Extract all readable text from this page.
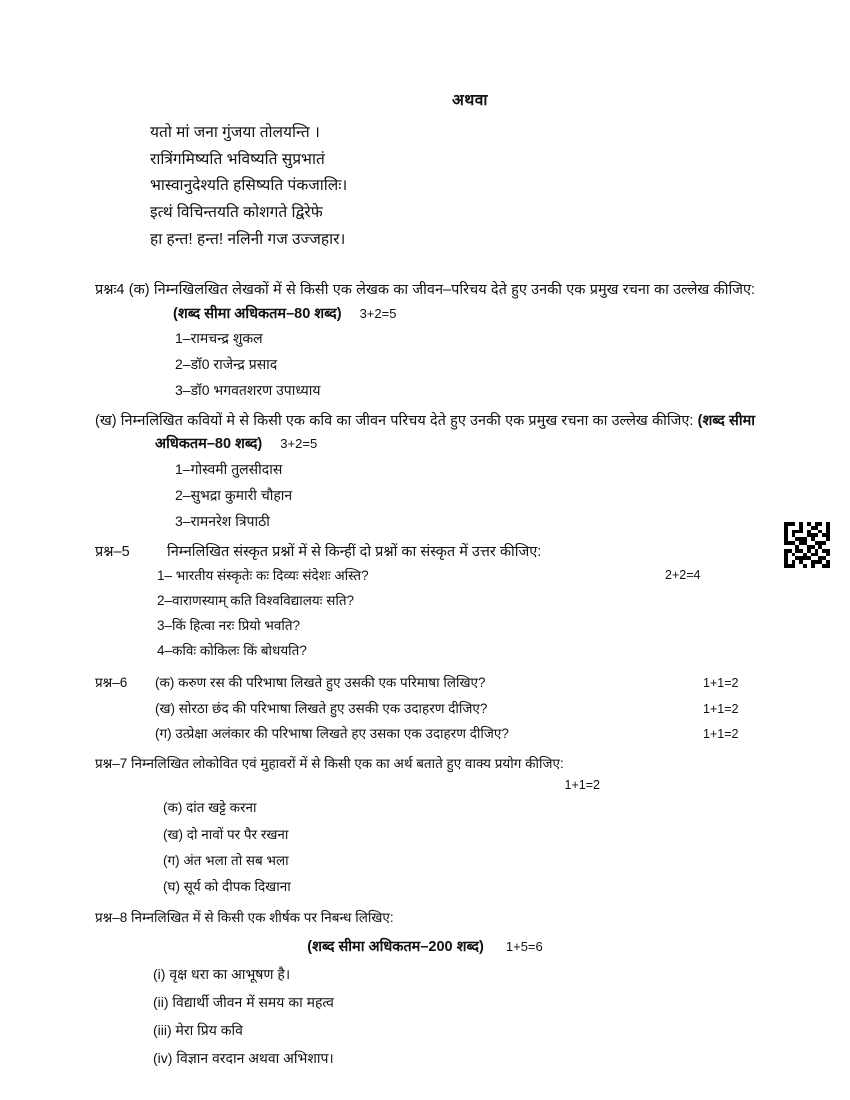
अथवा
यतो मां जना गुंजया तोलयन्ति ।
रात्रिंगमिष्यति भविष्यति सुप्रभातं
भास्वानुदेश्यति हसिष्यति पंकजालिः।
इत्थं विचिन्तयति कोशगते द्विरेफे
हा हन्त! हन्त! नलिनी गज उज्जहार।
प्रश्नः4 (क) निम्नखिलखित लेखकों में से किसी एक लेखक का जीवन–परिचय देते हुए उनकी एक प्रमुख रचना का उल्लेख कीजिए: (शब्द सीमा अधिकतम–80 शब्द) 3+2=5
1–रामचन्द्र शुकल
2–डॉ0 राजेन्द्र प्रसाद
3–डॉ0 भगवतशरण उपाध्याय
(ख) निम्नलिखित कवियों मे से किसी एक कवि का जीवन परिचय देते हुए उनकी एक प्रमुख रचना का उल्लेख कीजिए: (शब्द सीमा अधिकतम–80 शब्द) 3+2=5
1–गोस्वमी तुलसीदास
2–सुभद्रा कुमारी चौहान
3–रामनरेश त्रिपाठी
प्रश्न–5	निम्नलिखित संस्कृत प्रश्नों में से किन्हीं दो प्रश्नों का संस्कृत में उत्तर कीजिए:
1– भारतीय संस्कृतेः कः दिव्यः संदेशः अस्ति?	2+2=4
2–वाराणस्याम् कति विश्वविद्यालयः सति?
3–किं हित्वा नरः प्रियो भवति?
4–कविः कोकिलः किं बोधयति?
प्रश्न–6	(क) करुण रस की परिभाषा लिखते हुए उसकी एक परिमाषा लिखिए?	1+1=2
(ख) सोरठा छंद की परिभाषा लिखते हुए उसकी एक उदाहरण दीजिए?	1+1=2
(ग) उत्प्रेक्षा अलंकार की परिभाषा लिखते हए उसका एक उदाहरण दीजिए?	1+1=2
प्रश्न–7 निम्नलिखित लोकोवित एवं मुहावरों में से किसी एक का अर्थ बताते हुए वाक्य प्रयोग कीजिए:
1+1=2
(क) दांत खट्टे करना
(ख) दो नावों पर पैर रखना
(ग) अंत भला तो सब भला
(घ) सूर्य को दीपक दिखाना
प्रश्न–8 निम्नलिखित में से किसी एक शीर्षक पर निबन्ध लिखिए:
(शब्द सीमा अधिकतम–200 शब्द) 1+5=6
(i) वृक्ष धरा का आभूषण है।
(ii) विद्यार्थी जीवन में समय का महत्व
(iii) मेरा प्रिय कवि
(iv) विज्ञान वरदान अथवा अभिशाप।
